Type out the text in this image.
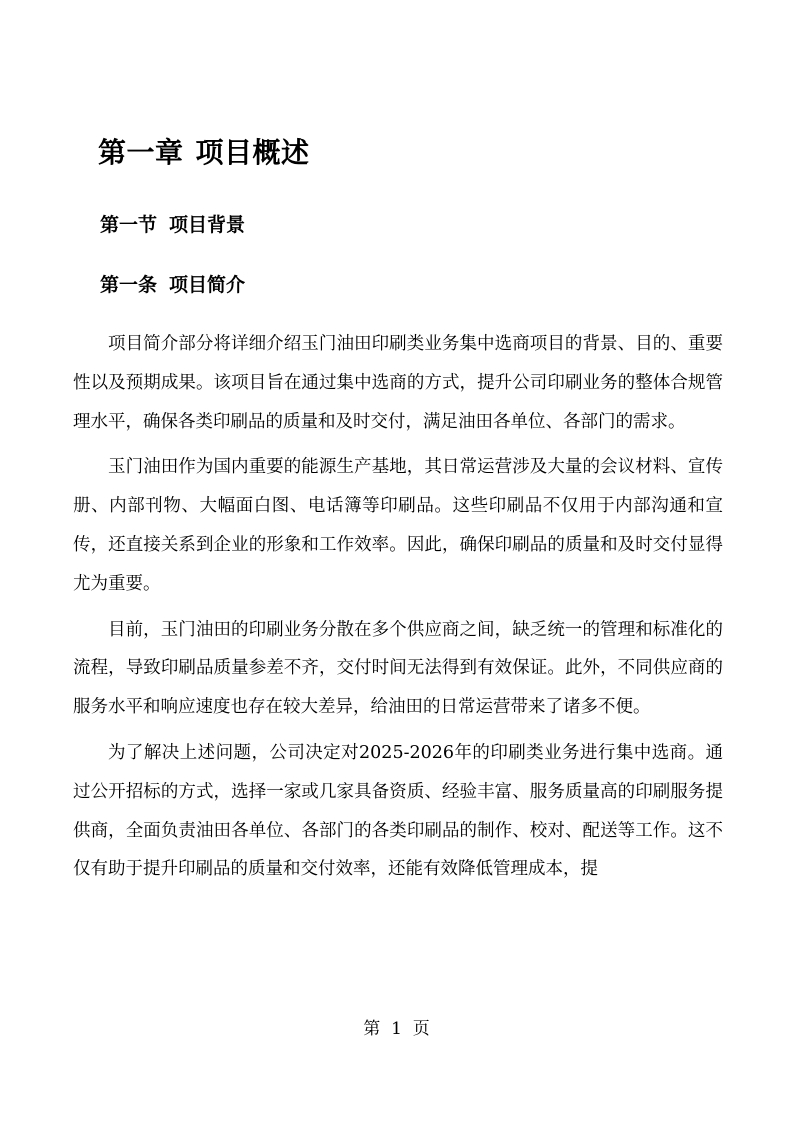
第一章 项目概述
第一节 项目背景
第一条 项目简介

项目简介部分将详细介绍玉门油田印刷类业务集中选商项目的背景、目的、重要性以及预期成果。该项目旨在通过集中选商的方式，提升公司印刷业务的整体合规管理水平，确保各类印刷品的质量和及时交付，满足油田各单位、各部门的需求。

玉门油田作为国内重要的能源生产基地，其日常运营涉及大量的会议材料、宣传册、内部刊物、大幅面白图、电话簿等印刷品。这些印刷品不仅用于内部沟通和宣传，还直接关系到企业的形象和工作效率。因此，确保印刷品的质量和及时交付显得尤为重要。

目前，玉门油田的印刷业务分散在多个供应商之间，缺乏统一的管理和标准化的流程，导致印刷品质量参差不齐，交付时间无法得到有效保证。此外，不同供应商的服务水平和响应速度也存在较大差异，给油田的日常运营带来了诸多不便。

为了解决上述问题，公司决定对2025-2026年的印刷类业务进行集中选商。通过公开招标的方式，选择一家或几家具备资质、经验丰富、服务质量高的印刷服务提供商，全面负责油田各单位、各部门的各类印刷品的制作、校对、配送等工作。这不仅有助于提升印刷品的质量和交付效率，还能有效降低管理成本，提

第 1 页
